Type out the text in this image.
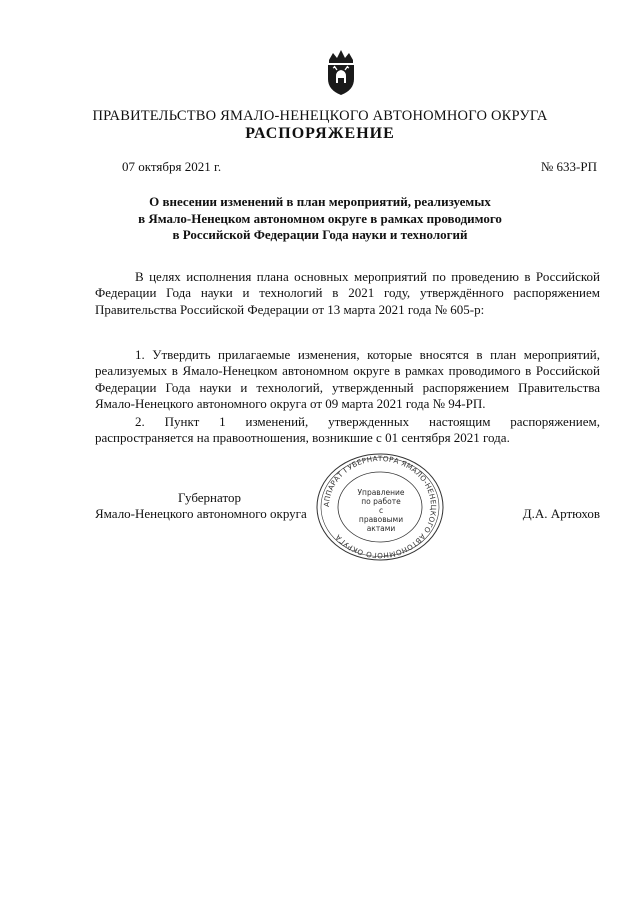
ПРАВИТЕЛЬСТВО ЯМАЛО-НЕНЕЦКОГО АВТОНОМНОГО ОКРУГА
РАСПОРЯЖЕНИЕ
07 октября 2021 г.	№ 633-РП
О внесении изменений в план мероприятий, реализуемых
в Ямало-Ненецком автономном округе в рамках проводимого
в Российской Федерации Года науки и технологий

В целях исполнения плана основных мероприятий по проведению в Российской Федерации Года науки и технологий в 2021 году, утверждённого распоряжением Правительства Российской Федерации от 13 марта 2021 года № 605-р:

1. Утвердить прилагаемые изменения, которые вносятся в план мероприятий, реализуемых в Ямало-Ненецком автономном округе в рамках проводимого в Российской Федерации Года науки и технологий, утвержденный распоряжением Правительства Ямало-Ненецкого автономного округа от 09 марта 2021 года № 94-РП.

2. Пункт 1 изменений, утвержденных настоящим распоряжением, распространяется на правоотношения, возникшие с 01 сентября 2021 года.

Губернатор
Ямало-Ненецкого автономного округа	Д.А. Артюхов
АППАРАТ ГУБЕРНАТОРА ЯМАЛО-НЕНЕЦКОГО АВТОНОМНОГО ОКРУГА
Управление
по работе
с правовыми
актами
